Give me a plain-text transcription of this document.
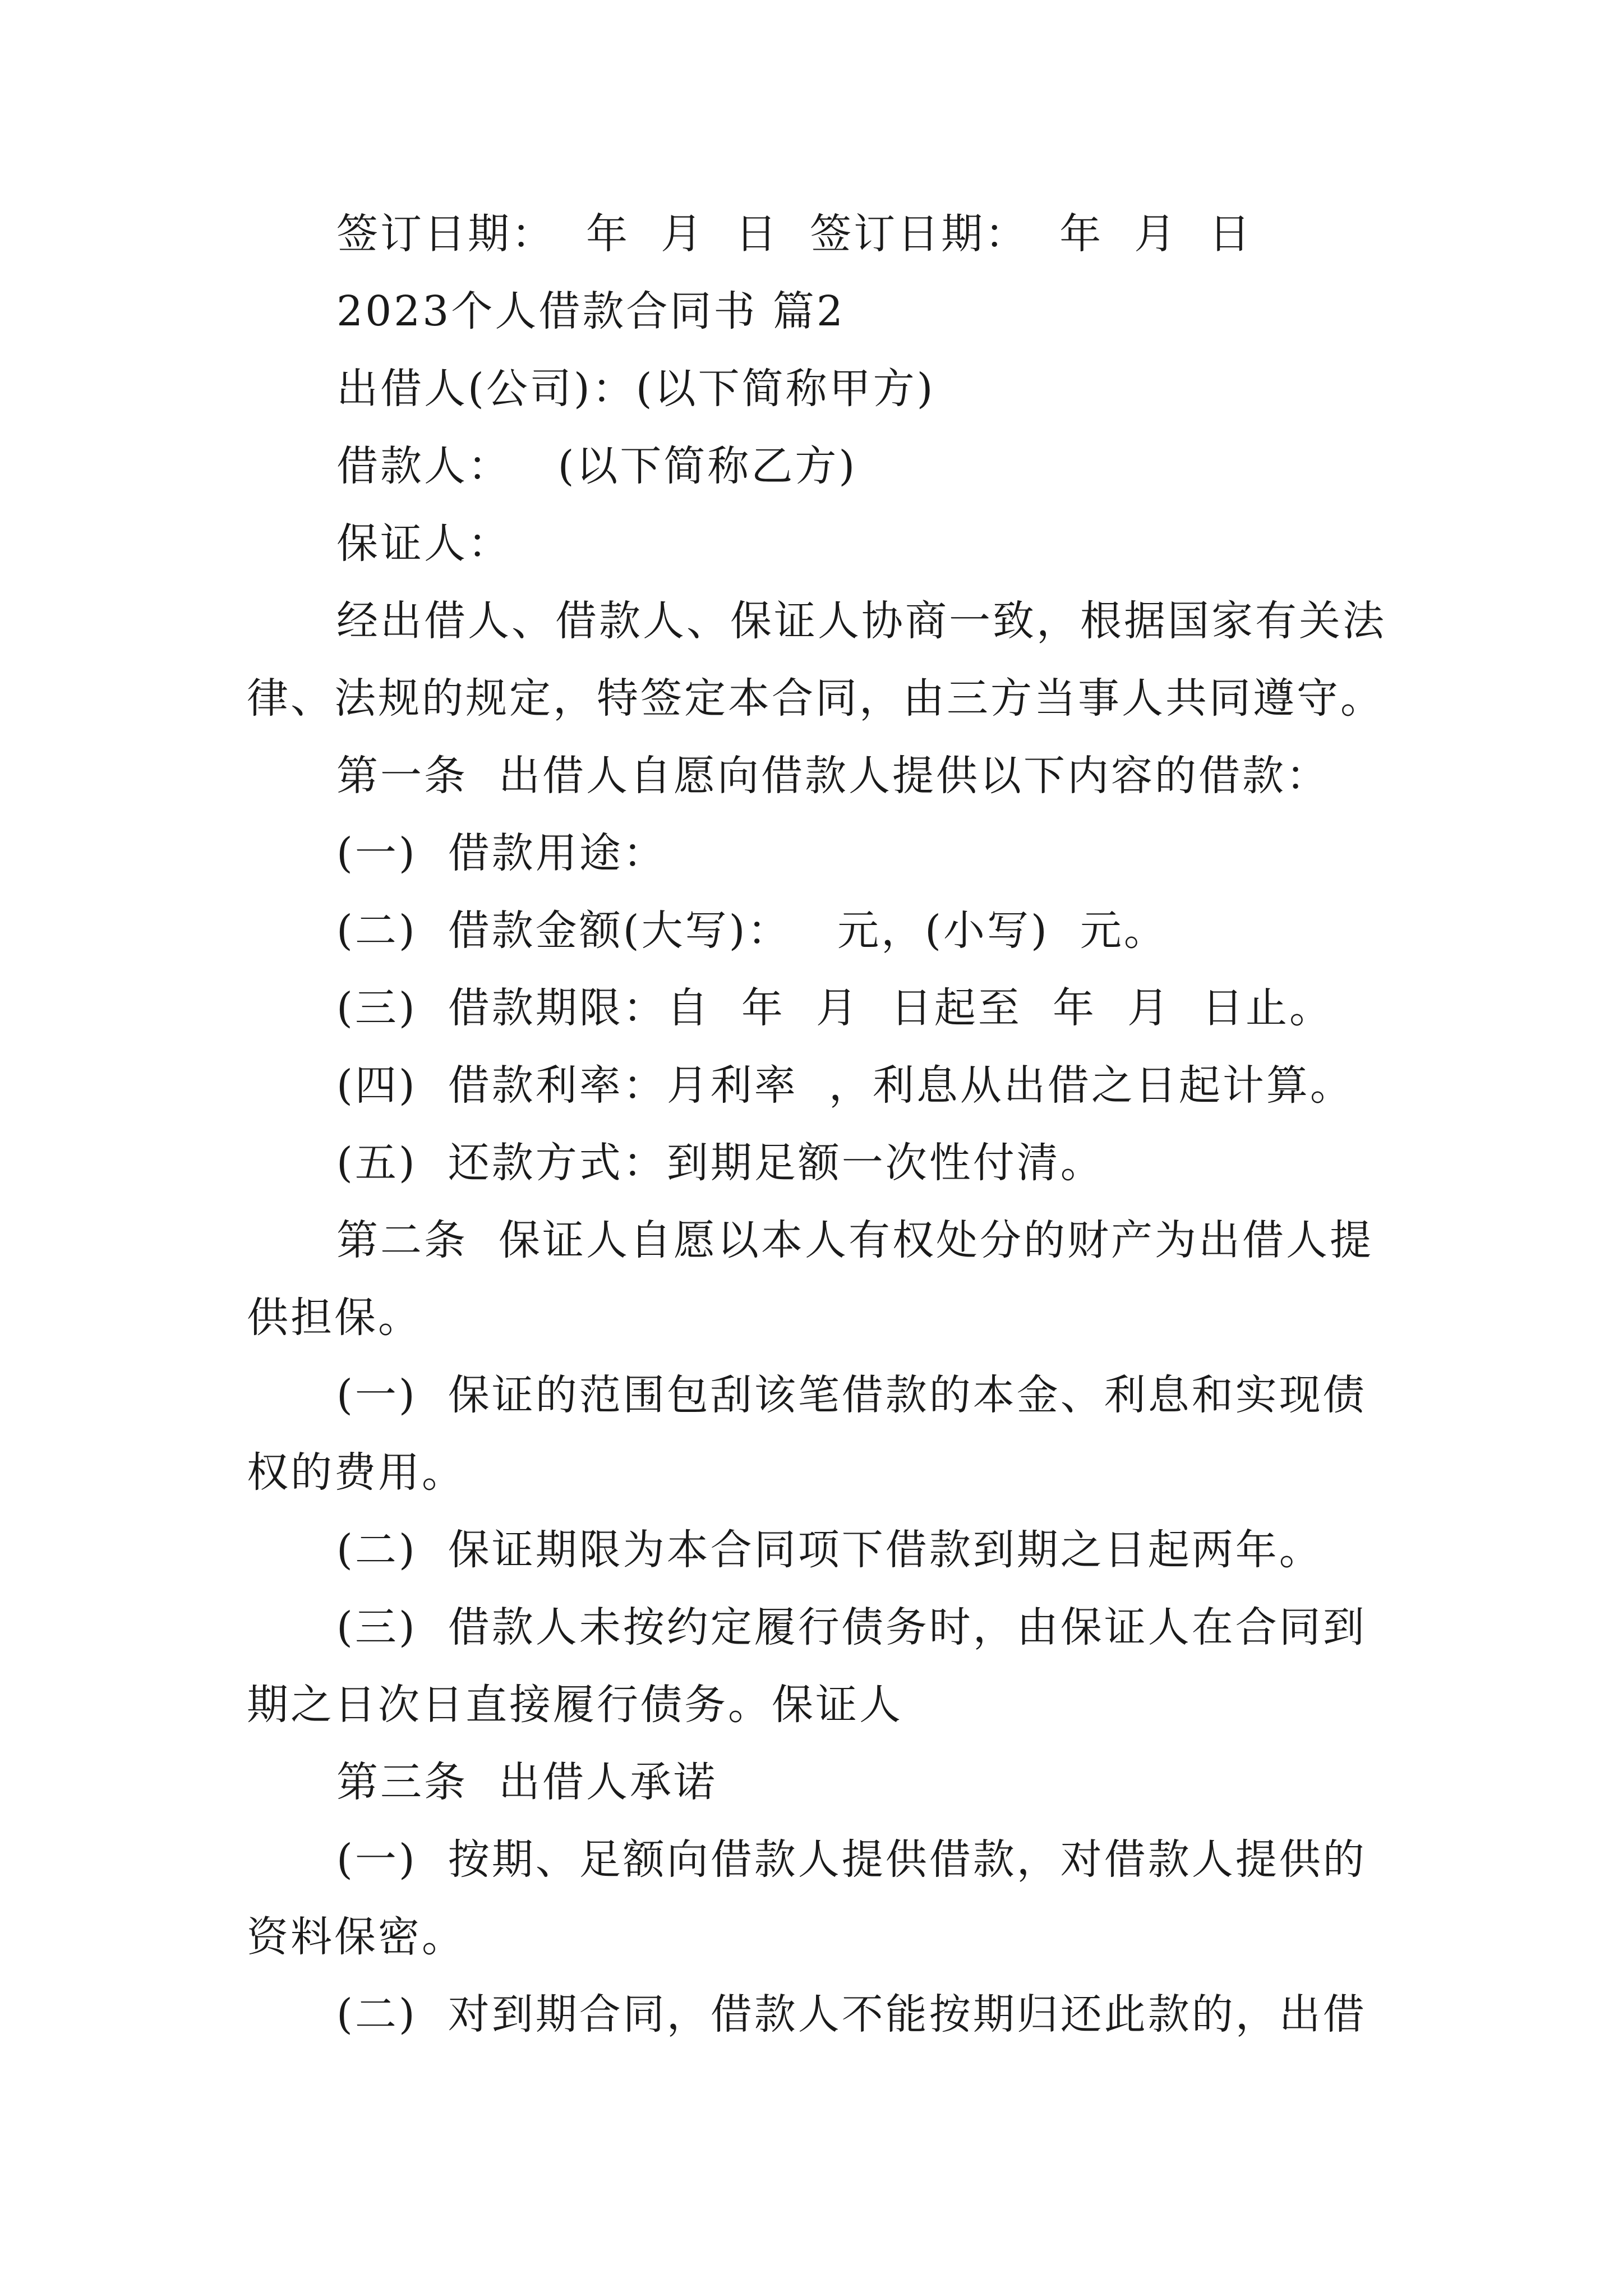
签订日期：  年  月  日  签订日期：  年  月  日
2023个人借款合同书 篇2
出借人(公司)：(以下简称甲方)
借款人：   (以下简称乙方)
保证人：
经出借人、借款人、保证人协商一致，根据国家有关法
律、法规的规定，特签定本合同，由三方当事人共同遵守。
第一条  出借人自愿向借款人提供以下内容的借款：
(一)  借款用途：
(二)  借款金额(大写)：   元，(小写)  元。
(三)  借款期限：自  年  月  日起至  年  月  日止。
(四)  借款利率：月利率  ，利息从出借之日起计算。
(五)  还款方式：到期足额一次性付清。
第二条  保证人自愿以本人有权处分的财产为出借人提
供担保。
(一)  保证的范围包刮该笔借款的本金、利息和实现债
权的费用。
(二)  保证期限为本合同项下借款到期之日起两年。
(三)  借款人未按约定履行债务时，由保证人在合同到
期之日次日直接履行债务。保证人
第三条  出借人承诺
(一)  按期、足额向借款人提供借款，对借款人提供的
资料保密。
(二)  对到期合同，借款人不能按期归还此款的，出借
